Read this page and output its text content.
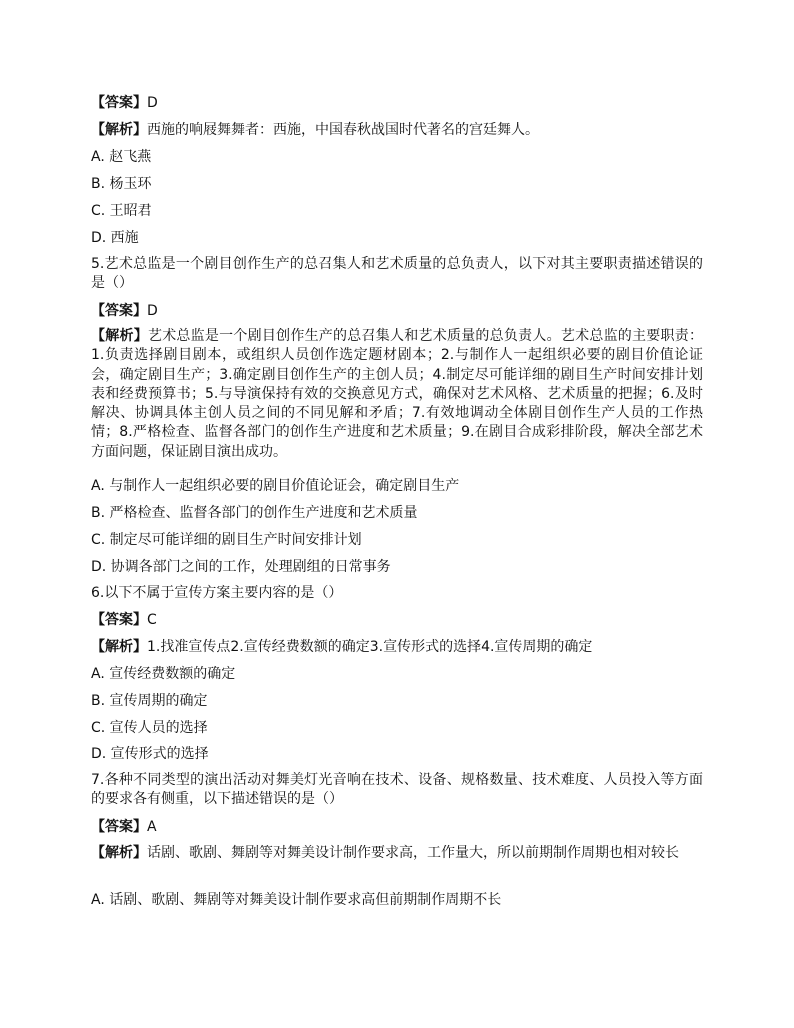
【答案】D
【解析】西施的响屐舞舞者：西施，中国春秋战国时代著名的宫廷舞人。
A. 赵飞燕
B. 杨玉环
C. 王昭君
D. 西施
5.艺术总监是一个剧目创作生产的总召集人和艺术质量的总负责人，以下对其主要职责描述错误的是（）
【答案】D
【解析】艺术总监是一个剧目创作生产的总召集人和艺术质量的总负责人。艺术总监的主要职责：1.负责选择剧目剧本，或组织人员创作选定题材剧本；2.与制作人一起组织必要的剧目价值论证会，确定剧目生产；3.确定剧目创作生产的主创人员；4.制定尽可能详细的剧目生产时间安排计划表和经费预算书；5.与导演保持有效的交换意见方式，确保对艺术风格、艺术质量的把握；6.及时解决、协调具体主创人员之间的不同见解和矛盾；7.有效地调动全体剧目创作生产人员的工作热情；8.严格检查、监督各部门的创作生产进度和艺术质量；9.在剧目合成彩排阶段，解决全部艺术方面问题，保证剧目演出成功。
A. 与制作人一起组织必要的剧目价值论证会，确定剧目生产
B. 严格检查、监督各部门的创作生产进度和艺术质量
C. 制定尽可能详细的剧目生产时间安排计划
D. 协调各部门之间的工作，处理剧组的日常事务
6.以下不属于宣传方案主要内容的是（）
【答案】C
【解析】1.找准宣传点2.宣传经费数额的确定3.宣传形式的选择4.宣传周期的确定
A. 宣传经费数额的确定
B. 宣传周期的确定
C. 宣传人员的选择
D. 宣传形式的选择
7.各种不同类型的演出活动对舞美灯光音响在技术、设备、规格数量、技术难度、人员投入等方面的要求各有侧重，以下描述错误的是（）
【答案】A
【解析】话剧、歌剧、舞剧等对舞美设计制作要求高，工作量大，所以前期制作周期也相对较长
A. 话剧、歌剧、舞剧等对舞美设计制作要求高但前期制作周期不长
